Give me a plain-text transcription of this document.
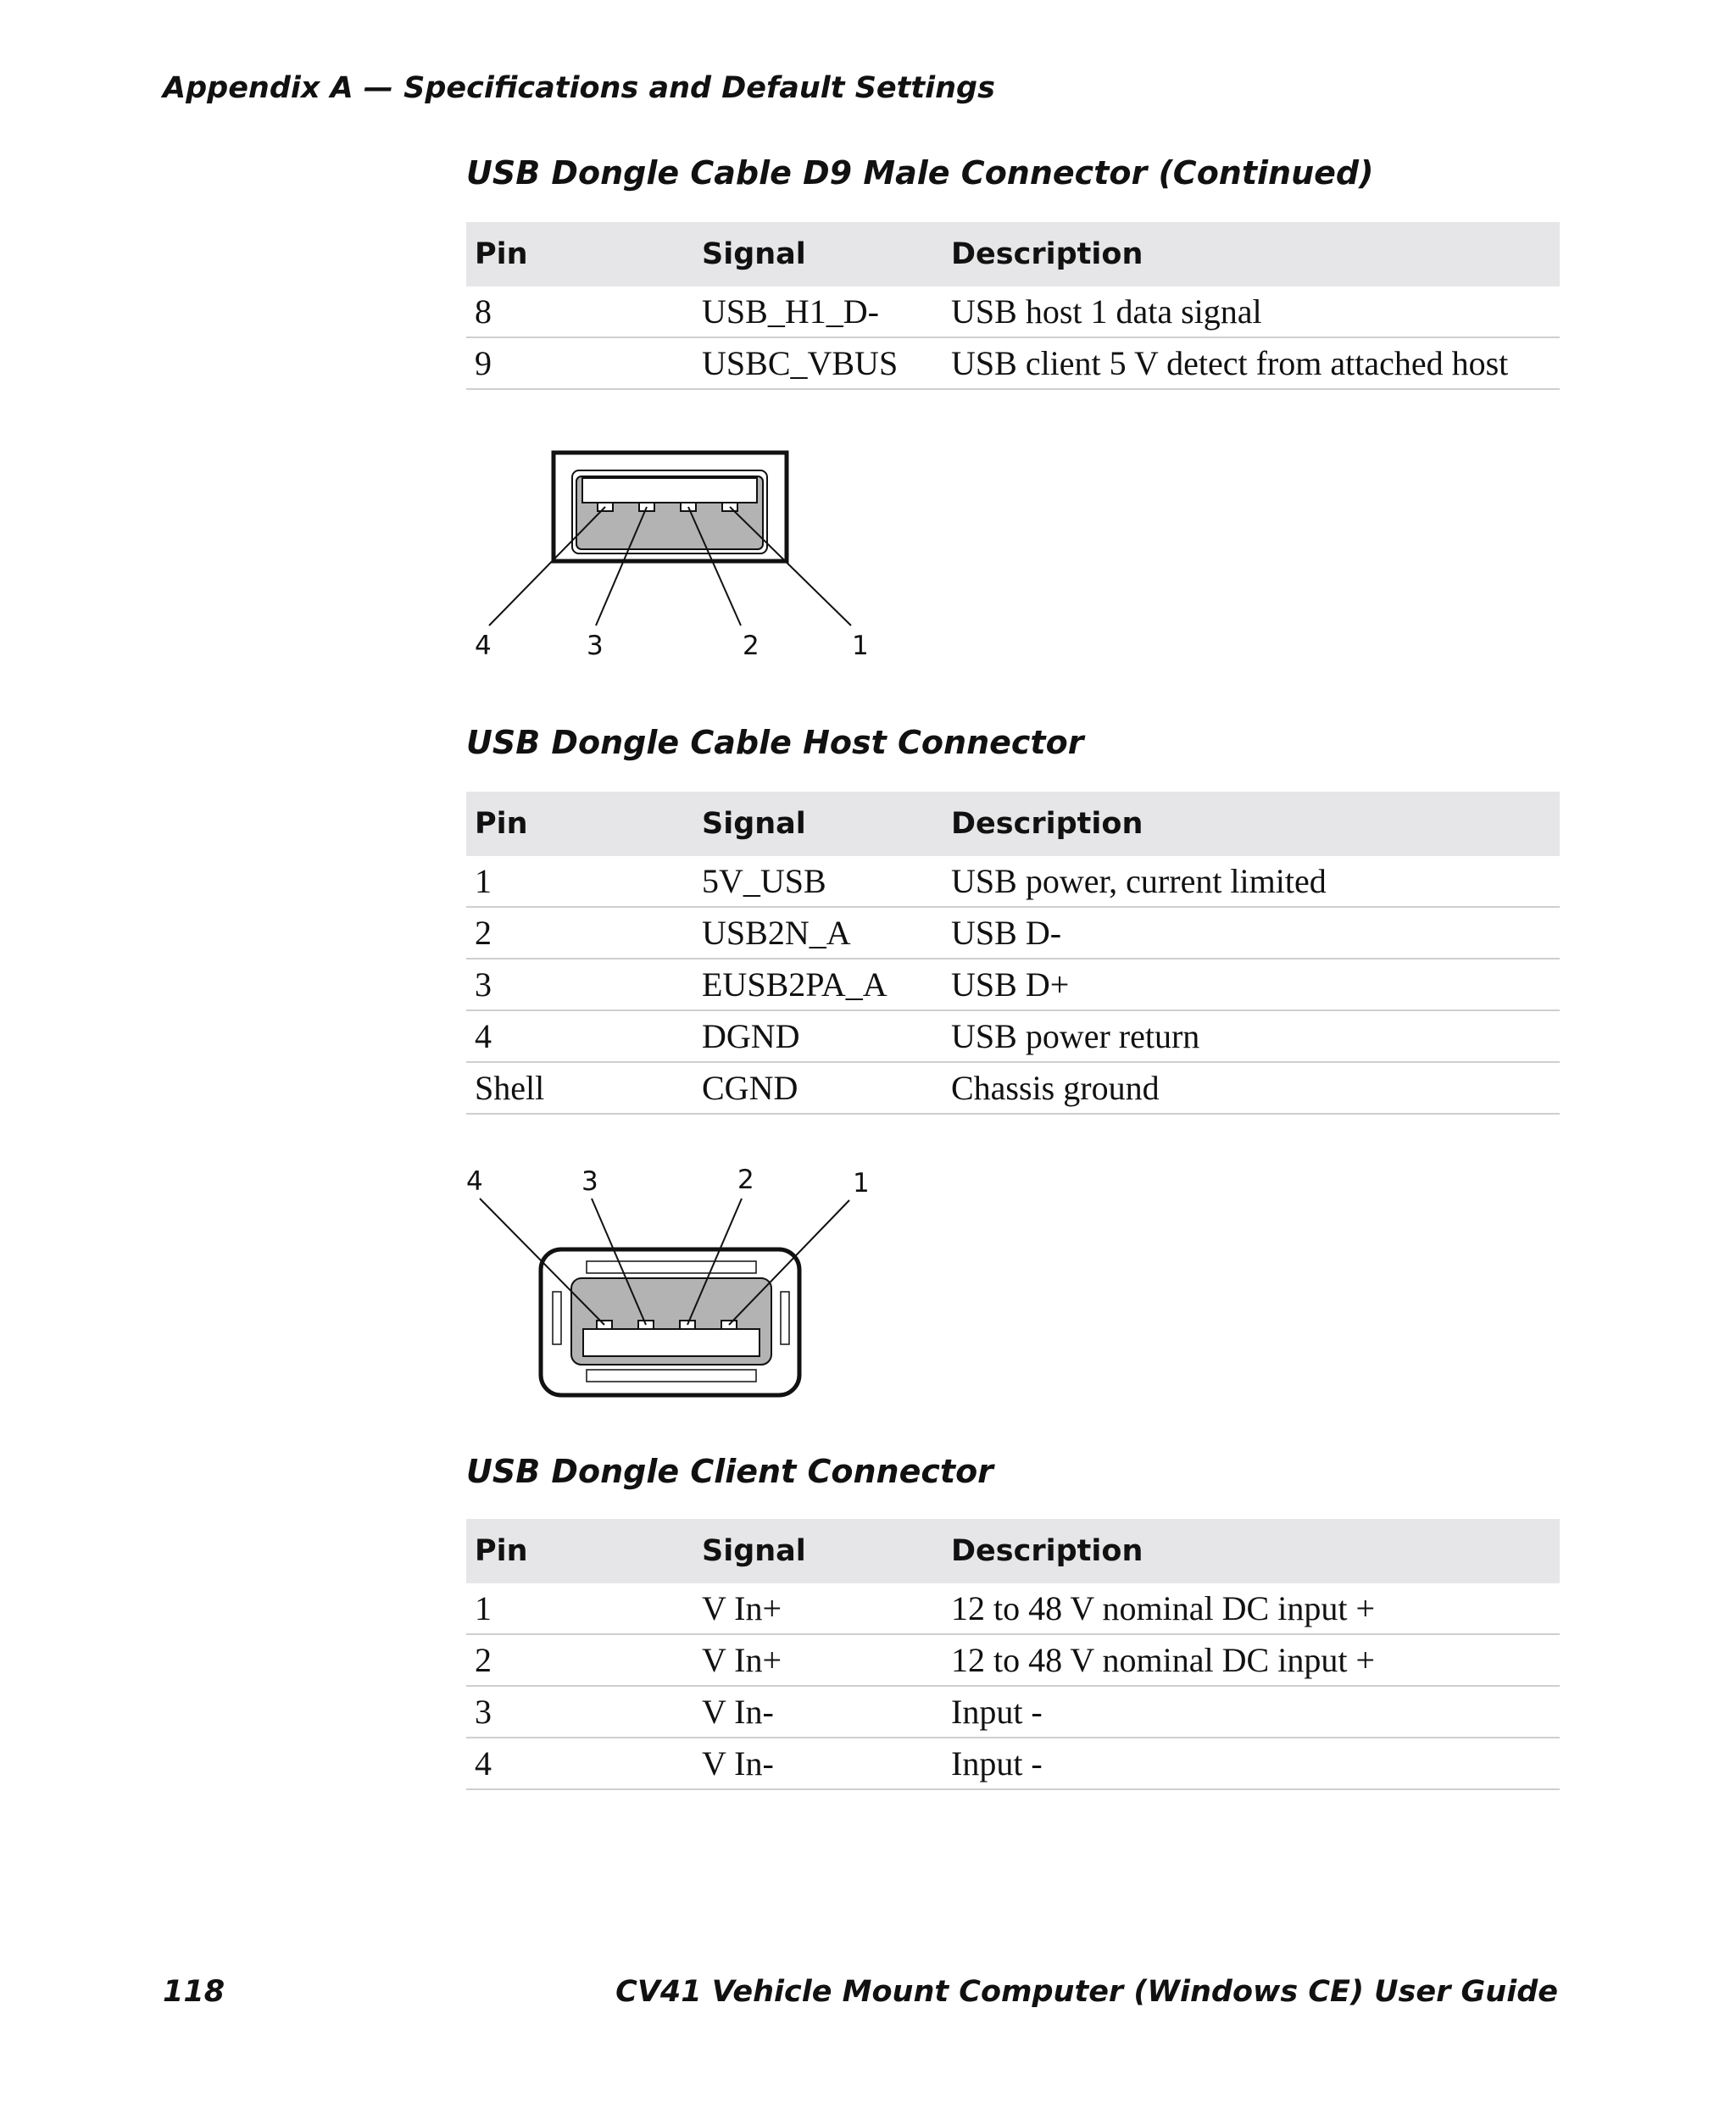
Appendix A — Specifications and Default Settings
USB Dongle Cable D9 Male Connector (Continued)
Pin	Signal	Description
8	USB_H1_D-	USB host 1 data signal
9	USBC_VBUS	USB client 5 V detect from attached host
4	3	2	1
USB Dongle Cable Host Connector
Pin	Signal	Description
1	5V_USB	USB power, current limited
2	USB2N_A	USB D-
3	EUSB2PA_A	USB D+
4	DGND	USB power return
Shell	CGND	Chassis ground
4	3	2	1
USB Dongle Client Connector
Pin	Signal	Description
1	V In+	12 to 48 V nominal DC input +
2	V In+	12 to 48 V nominal DC input +
3	V In-	Input -
4	V In-	Input -
118	CV41 Vehicle Mount Computer (Windows CE) User Guide
